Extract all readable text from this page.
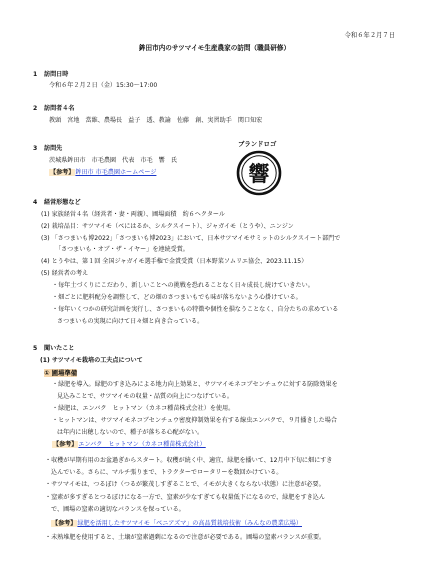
令和６年２月７日
鉾田市内のサツマイモ生産農家の訪問（職員研修）
1 訪問日時
令和６年２月２日（金）15:30～17:00
2 訪問者４名
教頭　宮地　當維、農場長　益子　透、教諭　佐藤　創、実習助手　関口知宏
3 訪問先
茨城県鉾田市　市毛農園　代表　市毛　響　氏
【参考】鉾田市 市毛農園ホームページ
ブランドロゴ
響
4 経営形態など
(1) 家族経営４名（経営者・妻・両親）、圃場面積　約６ヘクタール
(2) 栽培品目：サツマイモ（べにはるか、シルクスイート）、ジャガイモ（とうや）、ニンジン
(3) 「さつまいも博2022」「さつまいも博2023」において、日本サツマイモサミットのシルクスイート部門で
「さつまいも・オブ・ザ・イヤー」を連続受賞。
(4) とうやは、第１回 全国ジャガイモ選手権で金賞受賞（日本野菜ソムリエ協会、2023.11.15）
(5) 経営者の考え
・毎年土づくりにこだわり、新しいことへの挑戦を恐れることなく日々成長し続けていきたい。
・畑ごとに肥料配分を調整して、どの畑のさつまいもでも味が落ちないよう心掛けている。
・毎年いくつかの研究計画を実行し、さつまいもの特徴や個性を損なうことなく、自分たちの求めている
さつまいもの実現に向けて日々畑と向き合っている。
5 聞いたこと
(1) サツマイモ栽培の工夫点について
① 圃場準備
・緑肥を導入。緑肥のすき込みによる地力向上効果と、サツマイモネコブセンチュウに対する防除効果を
見込みことで、サツマイモの収量・品質の向上につなげている。
・緑肥は、エンバク　ヒットマン（カネコ種苗株式会社）を使用。
・ヒットマンは、サツマイモネコブセンチュウ密度抑制効果を有する線虫エンバクで、９月播きした場合
は年内に出穂しないので、種子が落ちる心配がない。
【参考】エンバク　ヒットマン（カネコ種苗株式会社）
・収穫が早期有用のお盆過ぎからスタート。収穫が続く中、適宜、緑肥を播いて、12月中下旬に畑にすき
込んでいる。さらに、マルチ張りまで、トラクターでロータリーを数回かけている。
・サツマイモは、つるぼけ（つるが繁茂しすぎることで、イモが大きくならない状態）に注意が必要。
・窒素が多すぎるとつるぼけになる一方で、窒素が少なすぎても収量低下になるので、緑肥をすき込ん
で、圃場の窒素の適切なバランスを保っている。
【参考】緑肥を活用したサツマイモ「べニアズマ」の高品質栽培技術（みんなの農業広場）
・未熟堆肥を使用すると、土壌が窒素過剰になるので注意が必要である。圃場の窒素バランスが重要。
